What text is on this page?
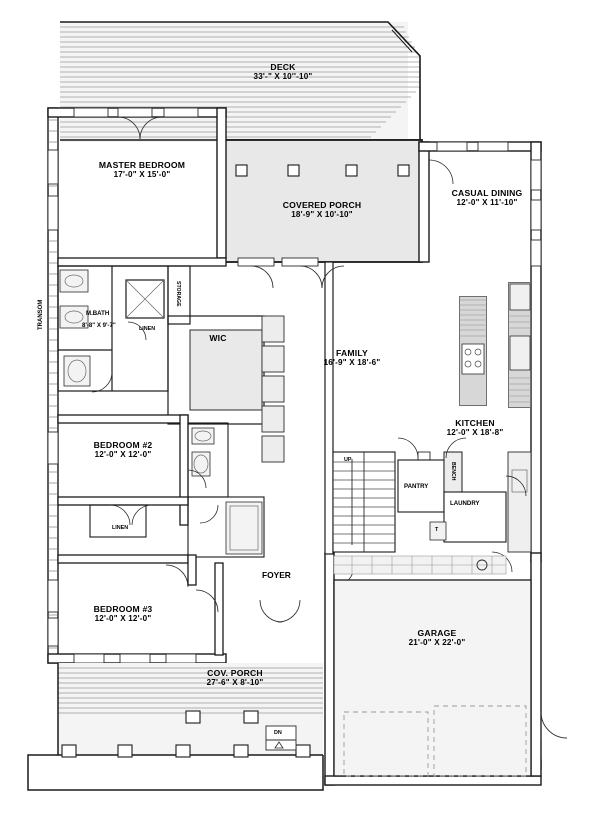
DECK
33'-" X 10''-10"
COVERED PORCH
18'-9" X 10'-10"
MASTER BEDROOM
17'-0" X 15'-0"
TRANSOM
CASUAL DINING
12'-0" X 11'-10"
FAMILY
16'-9" X 18'-6"
KITCHEN
12'-0" X 18'-8"
M.BATH
8'-8" X 9'-7"	LINEN
STORAGE
WIC
BEDROOM #2
12'-0" X 12'-0"
LINEN
BEDROOM #3
12'-0" X 12'-0"
FOYER
UP
PANTRY
BENCH
LAUNDRY
T
GARAGE
21'-0" X 22'-0"
COV. PORCH
27'-6" X 8'-10"
DN
